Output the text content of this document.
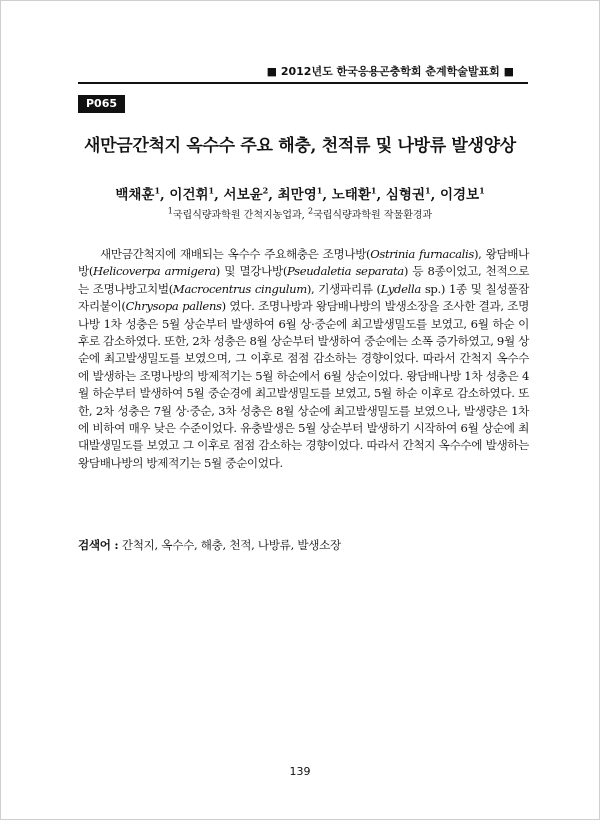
■ 2012년도 한국응용곤충학회 춘계학술발표회 ■
P065
새만금간척지 옥수수 주요 해충, 천적류 및 나방류 발생양상
백채훈$^1$, 이건휘$^1$, 서보윤$^2$, 최만영$^1$, 노태환$^1$, 심형권$^1$, 이경보$^1$
$^1$국립식량과학원 간척지농업과, $^2$국립식량과학원 작물환경과

새만금간척지에 재배되는 옥수수 주요해충은 조명나방(Ostrinia furnacalis), 왕담배나방(Helicoverpa armigera) 및 멸강나방(Pseudaletia separata) 등 8종이었고, 천적으로는 조명나방고치벌(Macrocentrus cingulum), 기생파리류 (Lydella sp.) 1종 및 칠성풀잠자리붙이(Chrysopa pallens) 였다. 조명나방과 왕담배나방의 발생소장을 조사한 결과, 조명나방 1차 성충은 5월 상순부터 발생하여 6월 상·중순에 최고발생밀도를 보였고, 6월 하순 이후로 감소하였다. 또한, 2차 성충은 8월 상순부터 발생하여 중순에는 소폭 증가하였고, 9월 상순에 최고발생밀도를 보였으며, 그 이후로 점점 감소하는 경향이었다. 따라서 간척지 옥수수에 발생하는 조명나방의 방제적기는 5월 하순에서 6월 상순이었다. 왕담배나방 1차 성충은 4월 하순부터 발생하여 5월 중순경에 최고발생밀도를 보였고, 5월 하순 이후로 감소하였다. 또한, 2차 성충은 7월 상·중순, 3차 성충은 8월 상순에 최고발생밀도를 보였으나, 발생량은 1차에 비하여 매우 낮은 수준이었다. 유충발생은 5월 상순부터 발생하기 시작하여 6월 상순에 최대발생밀도를 보였고 그 이후로 점점 감소하는 경향이었다. 따라서 간척지 옥수수에 발생하는 왕담배나방의 방제적기는 5월 중순이었다.

검색어 : 간척지, 옥수수, 해충, 천적, 나방류, 발생소장
139
